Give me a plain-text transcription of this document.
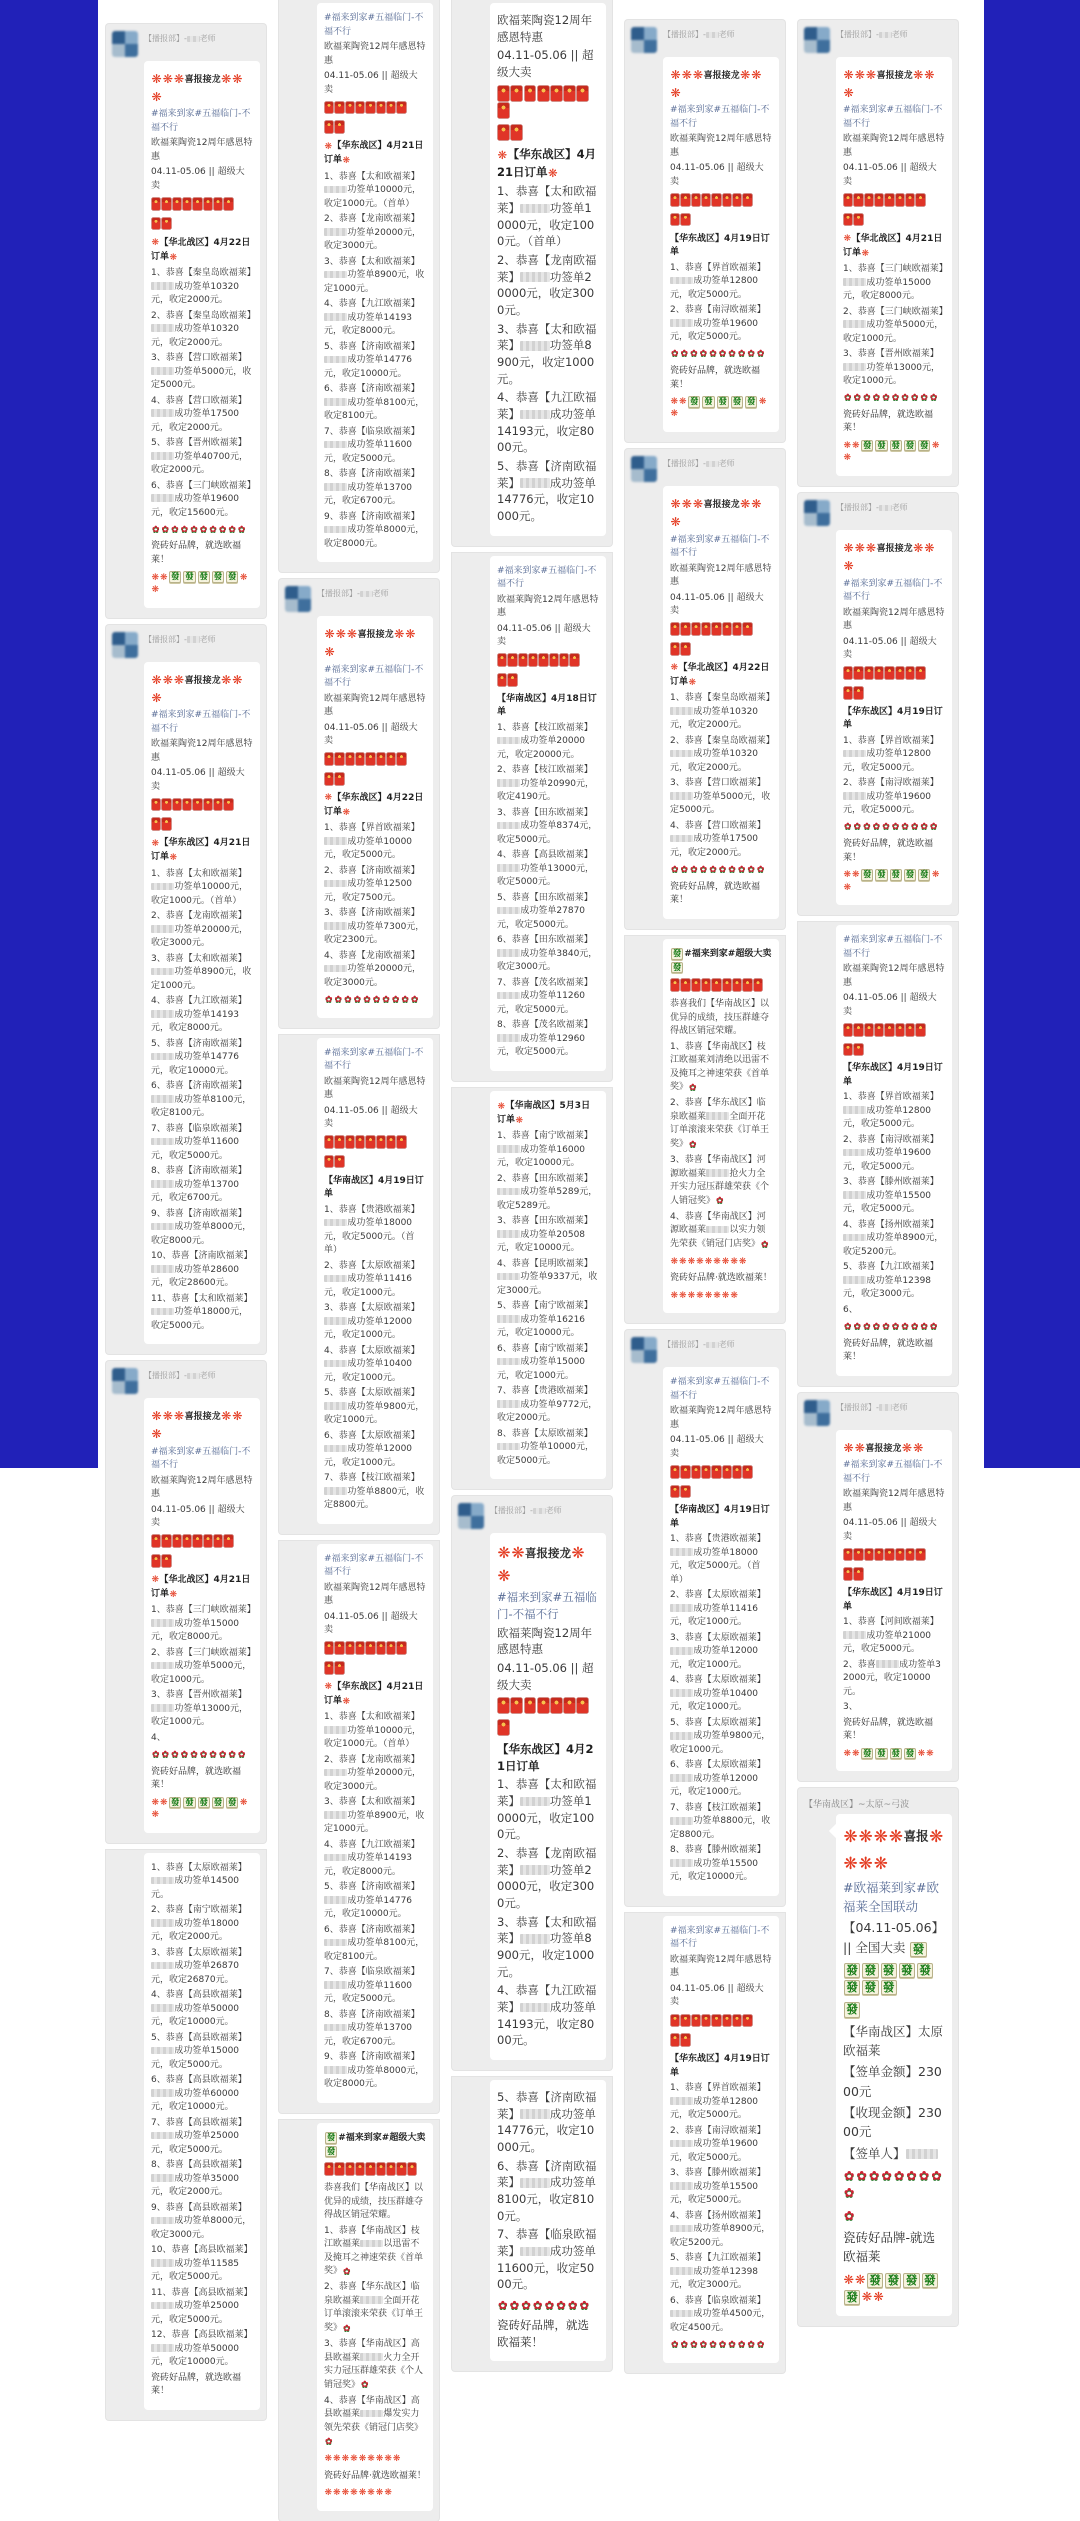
【播报部】- 老师
❋❋❋喜报接龙❋❋❋
#福来到家#五福临门-不福不行
欧福莱陶瓷12周年感恩特惠
04.11-05.06 || 超级大卖
❋【华北战区】4月22日订单❋
1、恭喜【秦皇岛欧福莱】成功签单10320元，收定2000元。
2、恭喜【秦皇岛欧福莱】成功签单10320元，收定2000元。
3、恭喜【营口欧福莱】功签单5000元，收定5000元。
4、恭喜【营口欧福莱】成功签单17500元，收定2000元。
5、恭喜【晋州欧福莱】功签单40700元，收定2000元。
6、恭喜【三门峡欧福莱】成功签单19600元，收定15600元。
✿ ✿ ✿ ✿ ✿ ✿ ✿ ✿ ✿ ✿
瓷砖好品牌，就选欧福莱！
❋❋ 發 發 發 發 發 ❋❋
【播报部】- 老师
❋❋❋喜报接龙❋❋❋
#福来到家#五福临门-不福不行
欧福莱陶瓷12周年感恩特惠
04.11-05.06 || 超级大卖
❋【华东战区】4月21日订单❋
1、恭喜【太和欧福莱】功签单10000元，收定1000元。（首单）
2、恭喜【龙南欧福莱】功签单20000元，收定3000元。
3、恭喜【太和欧福莱】功签单8900元，收定1000元。
4、恭喜【九江欧福莱】成功签单14193元，收定8000元。
5、恭喜【济南欧福莱】成功签单14776元，收定10000元。
6、恭喜【济南欧福莱】成功签单8100元，收定8100元。
7、恭喜【临泉欧福莱】成功签单11600元，收定5000元。
8、恭喜【济南欧福莱】成功签单13700元，收定6700元。
9、恭喜【济南欧福莱】成功签单8000元，收定8000元。
10、恭喜【济南欧福莱】成功签单28600元，收定28600元。
11、恭喜【太和欧福莱】功签单18000元，收定5000元。
【播报部】- 老师
❋❋❋喜报接龙❋❋❋
#福来到家#五福临门-不福不行
欧福莱陶瓷12周年感恩特惠
04.11-05.06 || 超级大卖
❋【华北战区】4月21日订单❋
1、恭喜【三门峡欧福莱】成功签单15000元，收定8000元。
2、恭喜【三门峡欧福莱】成功签单5000元，收定1000元。
3、恭喜【晋州欧福莱】功签单13000元，收定1000元。
4、
✿ ✿ ✿ ✿ ✿ ✿ ✿ ✿ ✿ ✿
瓷砖好品牌，就选欧福莱！
❋❋ 發 發 發 發 發 ❋❋
1、恭喜【太原欧福莱】成功签单14500元。
2、恭喜【南宁欧福莱】成功签单18000元，收定2000元。
3、恭喜【太原欧福莱】成功签单26870元，收定26870元。
4、恭喜【高县欧福莱】成功签单50000元，收定10000元。
5、恭喜【高县欧福莱】成功签单15000元，收定5000元。
6、恭喜【高县欧福莱】成功签单60000元，收定10000元。
7、恭喜【高县欧福莱】成功签单25000元，收定5000元。
8、恭喜【高县欧福莱】成功签单35000元，收定2000元。
9、恭喜【高县欧福莱】成功签单8000元，收定3000元。
10、恭喜【高县欧福莱】成功签单11585元，收定5000元。
11、恭喜【高县欧福莱】成功签单25000元，收定5000元。
12、恭喜【高县欧福莱】成功签单50000元，收定10000元。
瓷砖好品牌，就选欧福莱！
#福来到家#五福临门-不福不行
欧福莱陶瓷12周年感恩特惠
04.11-05.06 || 超级大卖
❋【华东战区】4月21日订单❋
1、恭喜【太和欧福莱】功签单10000元，收定1000元。（首单）
2、恭喜【龙南欧福莱】功签单20000元，收定3000元。
3、恭喜【太和欧福莱】功签单8900元，收定1000元。
4、恭喜【九江欧福莱】成功签单14193元，收定8000元。
5、恭喜【济南欧福莱】成功签单14776元，收定10000元。
6、恭喜【济南欧福莱】成功签单8100元，收定8100元。
7、恭喜【临泉欧福莱】成功签单11600元，收定5000元。
8、恭喜【济南欧福莱】成功签单13700元，收定6700元。
9、恭喜【济南欧福莱】成功签单8000元，收定8000元。
【播报部】- 老师
❋❋❋喜报接龙❋❋❋
#福来到家#五福临门-不福不行
欧福莱陶瓷12周年感恩特惠
04.11-05.06 || 超级大卖
❋【华东战区】4月22日订单❋
1、恭喜【界首欧福莱】成功签单10000元，收定5000元。
2、恭喜【济南欧福莱】成功签单12500元，收定7500元。
3、恭喜【济南欧福莱】成功签单7300元，收定2300元。
4、恭喜【龙南欧福莱】功签单20000元，收定3000元。
✿ ✿ ✿ ✿ ✿ ✿ ✿ ✿ ✿ ✿
#福来到家#五福临门-不福不行
欧福莱陶瓷12周年感恩特惠
04.11-05.06 || 超级大卖
【华南战区】4月19日订单
1、恭喜【贵港欧福莱】成功签单18000元，收定5000元。（首单）
2、恭喜【太原欧福莱】成功签单11416元，收定1000元。
3、恭喜【太原欧福莱】成功签单12000元，收定1000元。
4、恭喜【太原欧福莱】成功签单10400元，收定1000元。
5、恭喜【太原欧福莱】成功签单9800元，收定1000元。
6、恭喜【太原欧福莱】成功签单12000元，收定1000元。
7、恭喜【枝江欧福莱】功签单8800元，收定8800元。
#福来到家#五福临门-不福不行
欧福莱陶瓷12周年感恩特惠
04.11-05.06 || 超级大卖
❋【华东战区】4月21日订单❋
1、恭喜【太和欧福莱】功签单10000元，收定1000元。（首单）
2、恭喜【龙南欧福莱】功签单20000元，收定3000元。
3、恭喜【太和欧福莱】功签单8900元，收定1000元。
4、恭喜【九江欧福莱】成功签单14193元，收定8000元。
5、恭喜【济南欧福莱】成功签单14776元，收定10000元。
6、恭喜【济南欧福莱】成功签单8100元，收定8100元。
7、恭喜【临泉欧福莱】成功签单11600元，收定5000元。
8、恭喜【济南欧福莱】成功签单13700元，收定6700元。
9、恭喜【济南欧福莱】成功签单8000元，收定8000元。
發 #福来到家#超级大卖發
恭喜我们【华南战区】以优异的成绩，技压群雄夺得战区销冠荣耀。
1、恭喜【华南战区】枝江欧福莱	以迅雷不及掩耳之神速荣获《首单奖》✿
2、恭喜【华东战区】临泉欧福莱	全面开花订单滚滚来荣获《订单王奖》✿
3、恭喜【华南战区】高县欧福莱	火力全开实力冠压群雄荣获《个人销冠奖》✿
4、恭喜【华南战区】高县欧福莱	爆发实力领先荣获《销冠门店奖》✿
❋❋❋❋❋❋❋❋❋
瓷砖好品牌·就选欧福莱！
❋❋❋❋❋❋❋❋
欧福莱陶瓷12周年感恩特惠
04.11-05.06 || 超级大卖
❋【华东战区】4月21日订单❋
1、恭喜【太和欧福莱】	功签单10000元，收定1000元。（首单）
2、恭喜【龙南欧福莱】	功签单20000元，收定3000元。
3、恭喜【太和欧福莱】	功签单8900元，收定1000元。
4、恭喜【九江欧福莱】	成功签单14193元，收定8000元。
5、恭喜【济南欧福莱】	成功签单14776元，收定10000元。
#福来到家#五福临门-不福不行
欧福莱陶瓷12周年感恩特惠
04.11-05.06 || 超级大卖
【华南战区】4月18日订单
1、恭喜【枝江欧福莱】成功签单20000元，收定20000元。
2、恭喜【枝江欧福莱】功签单20990元，收定4190元。
3、恭喜【田东欧福莱】成功签单8374元，收定5000元。
4、恭喜【高县欧福莱】功签单13000元，收定5000元。
5、恭喜【田东欧福莱】成功签单27870元，收定5000元。
6、恭喜【田东欧福莱】成功签单3840元，收定3000元。
7、恭喜【茂名欧福莱】成功签单11260元，收定5000元。
8、恭喜【茂名欧福莱】成功签单12960元，收定5000元。
❋【华南战区】5月3日订单❋
1、恭喜【南宁欧福莱】成功签单16000元，收定10000元。
2、恭喜【田东欧福莱】成功签单5289元，收定5289元。
3、恭喜【田东欧福莱】成功签单20508元，收定10000元。
4、恭喜【昆明欧福莱】功签单9337元，收定3000元。
5、恭喜【南宁欧福莱】成功签单16216元，收定10000元。
6、恭喜【南宁欧福莱】成功签单15000元，收定1000元。
7、恭喜【贵港欧福莱】成功签单9772元，收定2000元。
8、恭喜【太原欧福莱】功签单10000元，收定5000元。
【播报部】- 老师
❋❋喜报接龙❋❋
#福来到家#五福临门-不福不行
欧福莱陶瓷12周年感恩特惠
04.11-05.06 || 超级大卖
【华东战区】4月21日订单
1、恭喜【太和欧福莱】	功签单10000元，收定1000元。
2、恭喜【龙南欧福莱】	功签单20000元，收定3000元。
3、恭喜【太和欧福莱】	功签单8900元，收定1000元。
4、恭喜【九江欧福莱】	成功签单14193元，收定8000元。
5、恭喜【济南欧福莱】	成功签单14776元，收定10000元。
6、恭喜【济南欧福莱】	成功签单8100元，收定8100元。
7、恭喜【临泉欧福莱】	成功签单11600元，收定5000元。
✿ ✿ ✿ ✿ ✿ ✿ ✿ ✿
瓷砖好品牌，就选欧福莱！
【播报部】- 老师
❋❋❋喜报接龙❋❋❋
#福来到家#五福临门-不福不行
欧福莱陶瓷12周年感恩特惠
04.11-05.06 || 超级大卖
【华东战区】4月19日订单
1、恭喜【界首欧福莱】成功签单12800元，收定5000元。
2、恭喜【南浔欧福莱】成功签单19600元，收定5000元。
✿ ✿ ✿ ✿ ✿ ✿ ✿ ✿ ✿ ✿
瓷砖好品牌，就选欧福莱！
❋❋ 發 發 發 發 發 ❋❋
【播报部】- 老师
❋❋❋喜报接龙❋❋❋
#福来到家#五福临门-不福不行
欧福莱陶瓷12周年感恩特惠
04.11-05.06 || 超级大卖
❋【华北战区】4月22日订单❋
1、恭喜【秦皇岛欧福莱】成功签单10320元，收定2000元。
2、恭喜【秦皇岛欧福莱】成功签单10320元，收定2000元。
3、恭喜【营口欧福莱】功签单5000元，收定5000元。
4、恭喜【营口欧福莱】成功签单17500元，收定2000元。
✿ ✿ ✿ ✿ ✿ ✿ ✿ ✿ ✿ ✿
瓷砖好品牌，就选欧福莱！
發 #福来到家#超级大卖發
恭喜我们【华南战区】以优异的成绩，技压群雄夺得战区销冠荣耀。
1、恭喜【华南战区】枝江欧福莱刘清绝以迅雷不及掩耳之神速荣获《首单奖》✿
2、恭喜【华东战区】临泉欧福莱	全面开花订单滚滚来荣获《订单王奖》✿
3、恭喜【华南战区】河源欧福莱	抢火力全开实力冠压群雄荣获《个人销冠奖》✿
4、恭喜【华南战区】河源欧福莱	以实力领先荣获《销冠门店奖》✿
❋❋❋❋❋❋❋❋❋
瓷砖好品牌·就选欧福莱！
❋❋❋❋❋❋❋❋
【播报部】- 老师
#福来到家#五福临门-不福不行
欧福莱陶瓷12周年感恩特惠
04.11-05.06 || 超级大卖
【华南战区】4月19日订单
1、恭喜【贵港欧福莱】成功签单18000元，收定5000元。（首单）
2、恭喜【太原欧福莱】成功签单11416元，收定1000元。
3、恭喜【太原欧福莱】成功签单12000元，收定1000元。
4、恭喜【太原欧福莱】成功签单10400元，收定1000元。
5、恭喜【太原欧福莱】成功签单9800元，收定1000元。
6、恭喜【太原欧福莱】成功签单12000元，收定1000元。
7、恭喜【枝江欧福莱】功签单8800元，收定8800元。
8、恭喜【滕州欧福莱】成功签单15500元，收定10000元。
#福来到家#五福临门-不福不行
欧福莱陶瓷12周年感恩特惠
04.11-05.06 || 超级大卖
【华东战区】4月19日订单
1、恭喜【界首欧福莱】成功签单12800元，收定5000元。
2、恭喜【南浔欧福莱】成功签单19600元，收定5000元。
3、恭喜【滕州欧福莱】成功签单15500元，收定5000元。
4、恭喜【扬州欧福莱】成功签单8900元，收定5200元。
5、恭喜【九江欧福莱】成功签单12398元，收定3000元。
6、恭喜【临泉欧福莱】成功签单4500元，收定4500元。
✿ ✿ ✿ ✿ ✿ ✿ ✿ ✿ ✿ ✿
【播报部】- 老师
❋❋❋喜报接龙❋❋❋
#福来到家#五福临门-不福不行
欧福莱陶瓷12周年感恩特惠
04.11-05.06 || 超级大卖
❋【华北战区】4月21日订单❋
1、恭喜【三门峡欧福莱】成功签单15000元，收定8000元。
2、恭喜【三门峡欧福莱】成功签单5000元，收定1000元。
3、恭喜【晋州欧福莱】功签单13000元，收定1000元。
✿ ✿ ✿ ✿ ✿ ✿ ✿ ✿ ✿ ✿
瓷砖好品牌，就选欧福莱！
❋❋ 發 發 發 發 發 ❋❋
【播报部】- 老师
❋❋❋喜报接龙❋❋❋
#福来到家#五福临门-不福不行
欧福莱陶瓷12周年感恩特惠
04.11-05.06 || 超级大卖
【华东战区】4月19日订单
1、恭喜【界首欧福莱】成功签单12800元，收定5000元。
2、恭喜【南浔欧福莱】成功签单19600元，收定5000元。
✿ ✿ ✿ ✿ ✿ ✿ ✿ ✿ ✿ ✿
瓷砖好品牌，就选欧福莱！
❋❋ 發 發 發 發 發 ❋❋
#福来到家#五福临门-不福不行
欧福莱陶瓷12周年感恩特惠
04.11-05.06 || 超级大卖
【华东战区】4月19日订单
1、恭喜【界首欧福莱】成功签单12800元，收定5000元。
2、恭喜【南浔欧福莱】成功签单19600元，收定5000元。
3、恭喜【滕州欧福莱】成功签单15500元，收定5000元。
4、恭喜【扬州欧福莱】成功签单8900元，收定5200元。
5、恭喜【九江欧福莱】成功签单12398元，收定3000元。
6、
✿ ✿ ✿ ✿ ✿ ✿ ✿ ✿ ✿ ✿
瓷砖好品牌，就选欧福莱！
【播报部】- 老师
❋❋喜报接龙❋❋
#福来到家#五福临门-不福不行
欧福莱陶瓷12周年感恩特惠
04.11-05.06 || 超级大卖
【华东战区】4月19日订单
1、恭喜【河间欧福莱】成功签单21000元，收定5000元。
2、恭喜	成功签单32000元，收定10000元。
3、
瓷砖好品牌，就选欧福莱！
❋❋ 發 發 發 發 ❋❋
【华南战区】~太原~弓波
❋❋❋❋喜报❋❋❋❋
#欧福莱到家#欧福莱全国联动
【04.11-05.06】|| 全国大卖 發
發 發 發 發 發發 發 發發
【华南战区】太原欧福莱
【签单金额】23000元
【收现金额】23000元
【签单人】
✿ ✿ ✿ ✿ ✿ ✿ ✿ ✿✿✿
瓷砖好品牌-就选欧福莱
❋❋ 發 發 發 發發 ❋❋
